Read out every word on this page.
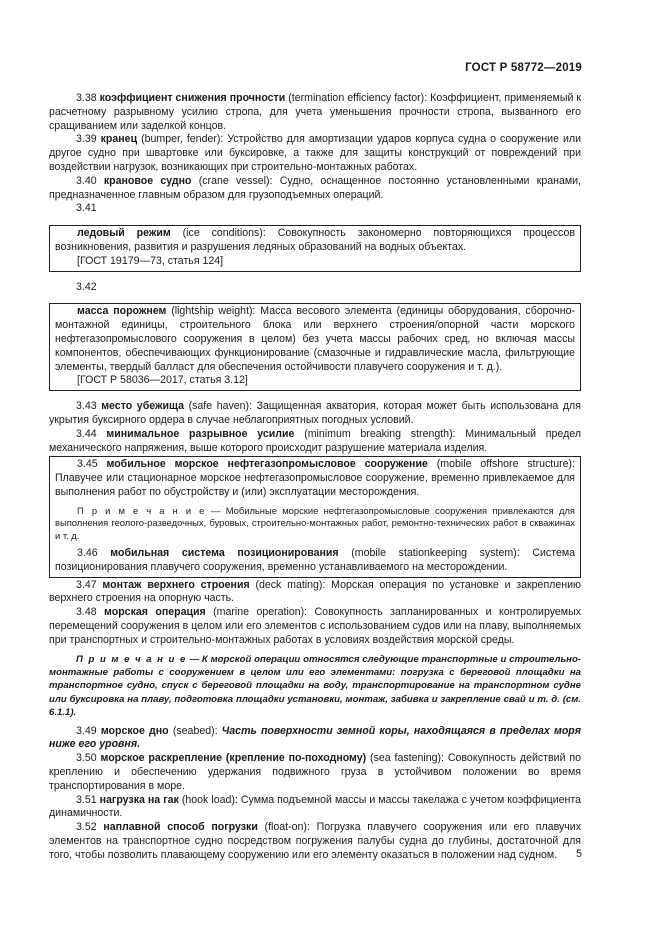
ГОСТ Р 58772—2019

3.38 коэффициент снижения прочности (termination efficiency factor): Коэффициент, применяемый к расчетному разрывному усилию стропа, для учета уменьшения прочности стропа, вызванного его сращиванием или заделкой концов.

3.39 кранец (bumper, fender): Устройство для амортизации ударов корпуса судна о сооружение или другое судно при швартовке или буксировке, а также для защиты конструкций от повреждений при воздействии нагрузок, возникающих при строительно-монтажных работах.

3.40 крановое судно (crane vessel): Судно, оснащенное постоянно установленными кранами, предназначенное главным образом для грузоподъемных операций.

3.41

ледовый режим (ice conditions): Совокупность закономерно повторяющихся процессов возникновения, развития и разрушения ледяных образований на водных объектах.

[ГОСТ 19179—73, статья 124]

3.42

масса порожнем (lightship weight): Масса весового элемента (единицы оборудования, сборочно-монтажной единицы, строительного блока или верхнего строения/опорной части морского нефтегазопромыслового сооружения в целом) без учета массы рабочих сред, но включая массы компонентов, обеспечивающих функционирование (смазочные и гидравлические масла, фильтрующие элементы, твердый балласт для обеспечения остойчивости плавучего сооружения и т. д.).

[ГОСТ Р 58036—2017, статья 3.12]

3.43 место убежища (safe haven): Защищенная акватория, которая может быть использована для укрытия буксирного ордера в случае неблагоприятных погодных условий.

3.44 минимальное разрывное усилие (minimum breaking strength): Минимальный предел механического напряжения, выше которого происходит разрушение материала изделия.

3.45 мобильное морское нефтегазопромысловое сооружение (mobile offshore structure): Плавучее или стационарное морское нефтегазопромысловое сооружение, временно привлекаемое для выполнения работ по обустройству и (или) эксплуатации месторождения.

П р и м е ч а н и е — Мобильные морские нефтегазопромысловые сооружения привлекаются для выполнения геолого-разведочных, буровых, строительно-монтажных работ, ремонтно-технических работ в скважинах и т. д.

3.46 мобильная система позиционирования (mobile stationkeeping system): Система позиционирования плавучего сооружения, временно устанавливаемого на месторождении.

3.47 монтаж верхнего строения (deck mating): Морская операция по установке и закреплению верхнего строения на опорную часть.

3.48 морская операция (marine operation): Совокупность запланированных и контролируемых перемещений сооружения в целом или его элементов с использованием судов или на плаву, выполняемых при транспортных и строительно-монтажных работах в условиях воздействия морской среды.

П р и м е ч а н и е — К морской операции относятся следующие транспортные и строительно-монтажные работы с сооружением в целом или его элементами: погрузка с береговой площадки на транспортное судно, спуск с береговой площадки на воду, транспортирование на транспортном судне или буксировка на плаву, подготовка площадки установки, монтаж, забивка и закрепление свай и т. д. (см. 6.1.1).

3.49 морское дно (seabed): Часть поверхности земной коры, находящаяся в пределах моря ниже его уровня.

3.50 морское раскрепление (крепление по-походному) (sea fastening): Совокупность действий по креплению и обеспечению удержания подвижного груза в устойчивом положении во время транспортирования в море.

3.51 нагрузка на гак (hook load): Сумма подъемной массы и массы такелажа с учетом коэффициента динамичности.

3.52 наплавной способ погрузки (float-on): Погрузка плавучего сооружения или его плавучих элементов на транспортное судно посредством погружения палубы судна до глубины, достаточной для того, чтобы позволить плавающему сооружению или его элементу оказаться в положении над судном.	5
